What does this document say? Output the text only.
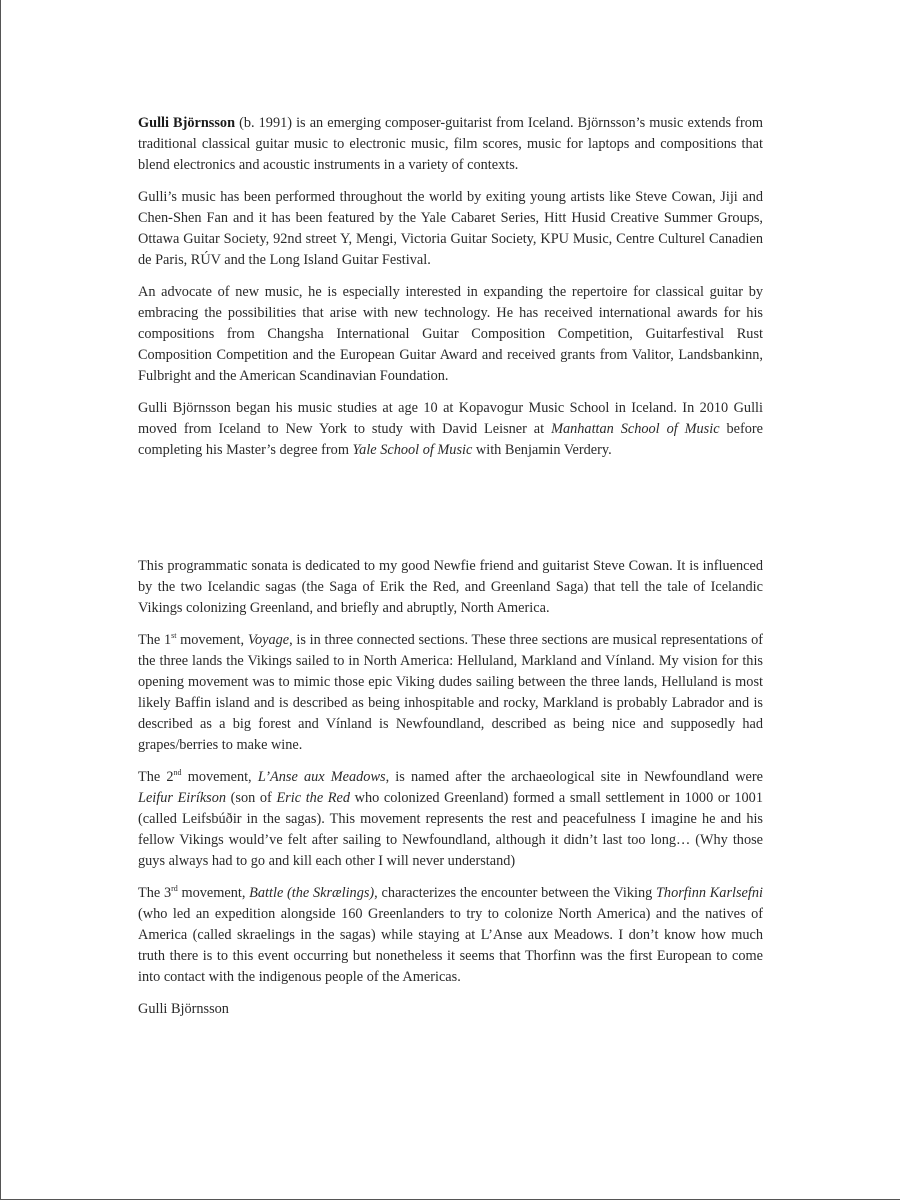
Gulli Björnsson (b. 1991) is an emerging composer-guitarist from Iceland. Björnsson’s music extends from traditional classical guitar music to electronic music, film scores, music for laptops and compositions that blend electronics and acoustic instruments in a variety of contexts.

Gulli’s music has been performed throughout the world by exiting young artists like Steve Cowan, Jiji and Chen-Shen Fan and it has been featured by the Yale Cabaret Series, Hitt Husid Creative Summer Groups, Ottawa Guitar Society, 92nd street Y, Mengi, Victoria Guitar Society, KPU Music, Centre Culturel Canadien de Paris, RÚV and the Long Island Guitar Festival.

An advocate of new music, he is especially interested in expanding the repertoire for classical guitar by embracing the possibilities that arise with new technology. He has received international awards for his compositions from Changsha International Guitar Composition Competition, Guitarfestival Rust Composition Competition and the European Guitar Award and received grants from Valitor, Landsbankinn, Fulbright and the American Scandinavian Foundation.

Gulli Björnsson began his music studies at age 10 at Kopavogur Music School in Iceland. In 2010 Gulli moved from Iceland to New York to study with David Leisner at Manhattan School of Music before completing his Master’s degree from Yale School of Music with Benjamin Verdery.

This programmatic sonata is dedicated to my good Newfie friend and guitarist Steve Cowan. It is influenced by the two Icelandic sagas (the Saga of Erik the Red, and Greenland Saga) that tell the tale of Icelandic Vikings colonizing Greenland, and briefly and abruptly, North America.

The 1st movement, Voyage, is in three connected sections. These three sections are musical representations of the three lands the Vikings sailed to in North America: Helluland, Markland and Vínland. My vision for this opening movement was to mimic those epic Viking dudes sailing between the three lands, Helluland is most likely Baffin island and is described as being inhospitable and rocky, Markland is probably Labrador and is described as a big forest and Vínland is Newfoundland, described as being nice and supposedly had grapes/berries to make wine.

The 2nd movement, L’Anse aux Meadows, is named after the archaeological site in Newfoundland were Leifur Eiríkson (son of Eric the Red who colonized Greenland) formed a small settlement in 1000 or 1001 (called Leifsbúðir in the sagas). This movement represents the rest and peacefulness I imagine he and his fellow Vikings would’ve felt after sailing to Newfoundland, although it didn’t last too long… (Why those guys always had to go and kill each other I will never understand)

The 3rd movement, Battle (the Skrælings), characterizes the encounter between the Viking Thorfinn Karlsefni (who led an expedition alongside 160 Greenlanders to try to colonize North America) and the natives of America (called skraelings in the sagas) while staying at L’Anse aux Meadows. I don’t know how much truth there is to this event occurring but nonetheless it seems that Thorfinn was the first European to come into contact with the indigenous people of the Americas.

Gulli Björnsson
